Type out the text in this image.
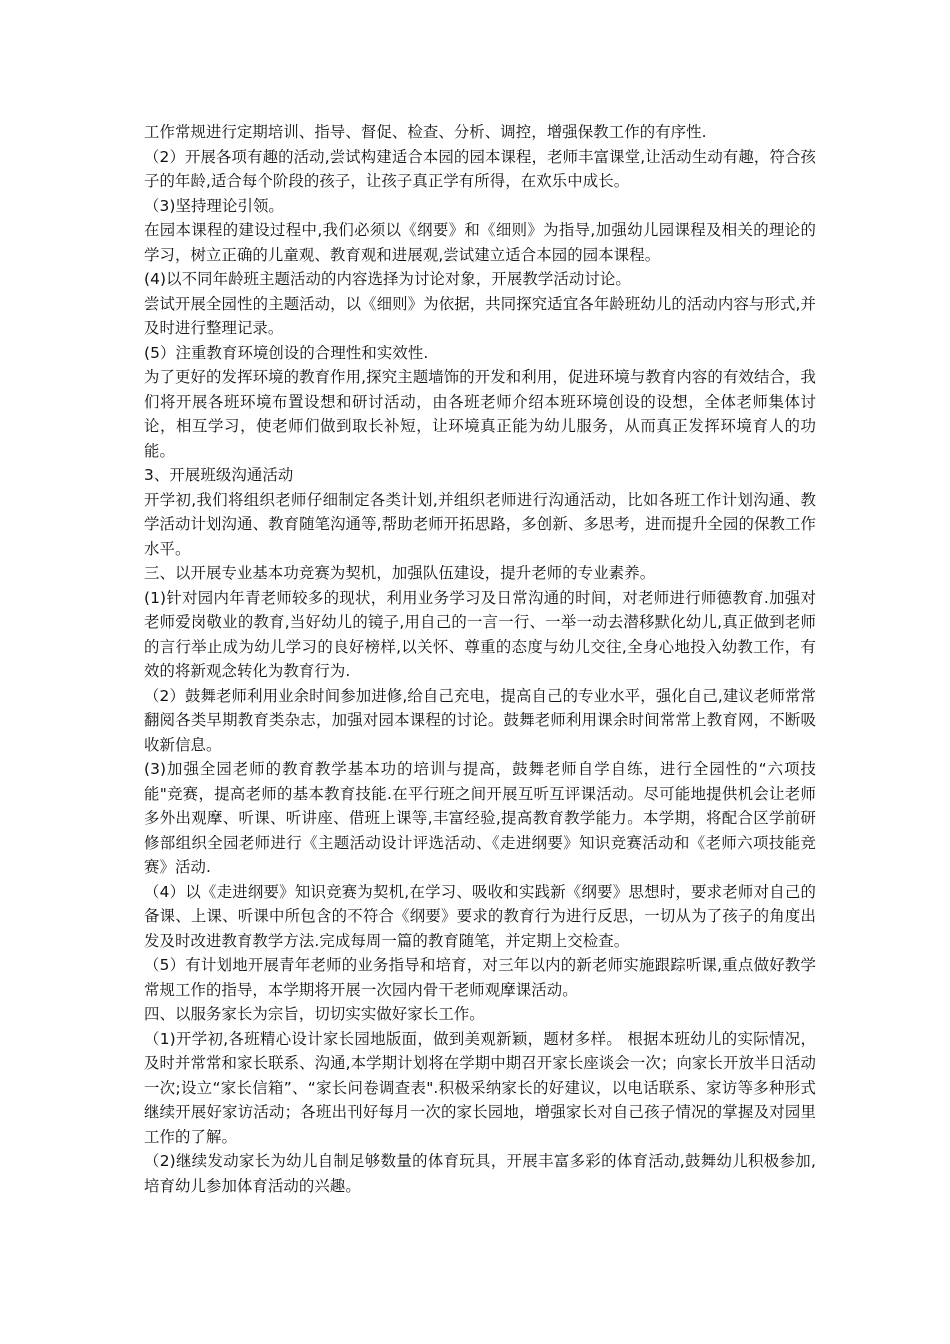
工作常规进行定期培训、指导、督促、检查、分析、调控，增强保教工作的有序性.

（2）开展各项有趣的活动,尝试构建适合本园的园本课程，老师丰富课堂,让活动生动有趣，符合孩子的年龄,适合每个阶段的孩子，让孩子真正学有所得，在欢乐中成长。

（3)坚持理论引领。

在园本课程的建设过程中,我们必须以《纲要》和《细则》为指导,加强幼儿园课程及相关的理论的学习，树立正确的儿童观、教育观和进展观,尝试建立适合本园的园本课程。

(4)以不同年龄班主题活动的内容选择为讨论对象，开展教学活动讨论。

尝试开展全园性的主题活动，以《细则》为依据，共同探究适宜各年龄班幼儿的活动内容与形式,并及时进行整理记录。

(5）注重教育环境创设的合理性和实效性.

为了更好的发挥环境的教育作用,探究主题墙饰的开发和利用，促进环境与教育内容的有效结合，我们将开展各班环境布置设想和研讨活动，由各班老师介绍本班环境创设的设想，全体老师集体讨论，相互学习，使老师们做到取长补短，让环境真正能为幼儿服务，从而真正发挥环境育人的功能。

3、开展班级沟通活动

开学初,我们将组织老师仔细制定各类计划,并组织老师进行沟通活动，比如各班工作计划沟通、教学活动计划沟通、教育随笔沟通等,帮助老师开拓思路，多创新、多思考，进而提升全园的保教工作水平。

三、以开展专业基本功竞赛为契机，加强队伍建设，提升老师的专业素养。

(1)针对园内年青老师较多的现状，利用业务学习及日常沟通的时间，对老师进行师德教育.加强对老师爱岗敬业的教育,当好幼儿的镜子,用自己的一言一行、一举一动去潜移默化幼儿,真正做到老师的言行举止成为幼儿学习的良好榜样,以关怀、尊重的态度与幼儿交往,全身心地投入幼教工作，有效的将新观念转化为教育行为.

（2）鼓舞老师利用业余时间参加进修,给自己充电，提高自己的专业水平，强化自己,建议老师常常翻阅各类早期教育类杂志，加强对园本课程的讨论。鼓舞老师利用课余时间常常上教育网，不断吸收新信息。

(3)加强全园老师的教育教学基本功的培训与提高，鼓舞老师自学自练，进行全园性的“六项技能"竞赛，提高老师的基本教育技能.在平行班之间开展互听互评课活动。尽可能地提供机会让老师多外出观摩、听课、听讲座、借班上课等,丰富经验,提高教育教学能力。本学期，将配合区学前研修部组织全园老师进行《主题活动设计评选活动、《走进纲要》知识竞赛活动和《老师六项技能竞赛》活动.

（4）以《走进纲要》知识竞赛为契机,在学习、吸收和实践新《纲要》思想时，要求老师对自己的备课、上课、听课中所包含的不符合《纲要》要求的教育行为进行反思，一切从为了孩子的角度出发及时改进教育教学方法.完成每周一篇的教育随笔，并定期上交检查。

（5）有计划地开展青年老师的业务指导和培育，对三年以内的新老师实施跟踪听课,重点做好教学常规工作的指导，本学期将开展一次园内骨干老师观摩课活动。

四、以服务家长为宗旨，切切实实做好家长工作。

（1)开学初,各班精心设计家长园地版面，做到美观新颖，题材多样。 根据本班幼儿的实际情况，及时并常常和家长联系、沟通,本学期计划将在学期中期召开家长座谈会一次；向家长开放半日活动一次;设立“家长信箱”、“家长问卷调查表".积极采纳家长的好建议，以电话联系、家访等多种形式继续开展好家访活动；各班出刊好每月一次的家长园地，增强家长对自己孩子情况的掌握及对园里工作的了解。

（2)继续发动家长为幼儿自制足够数量的体育玩具，开展丰富多彩的体育活动,鼓舞幼儿积极参加,培育幼儿参加体育活动的兴趣。
